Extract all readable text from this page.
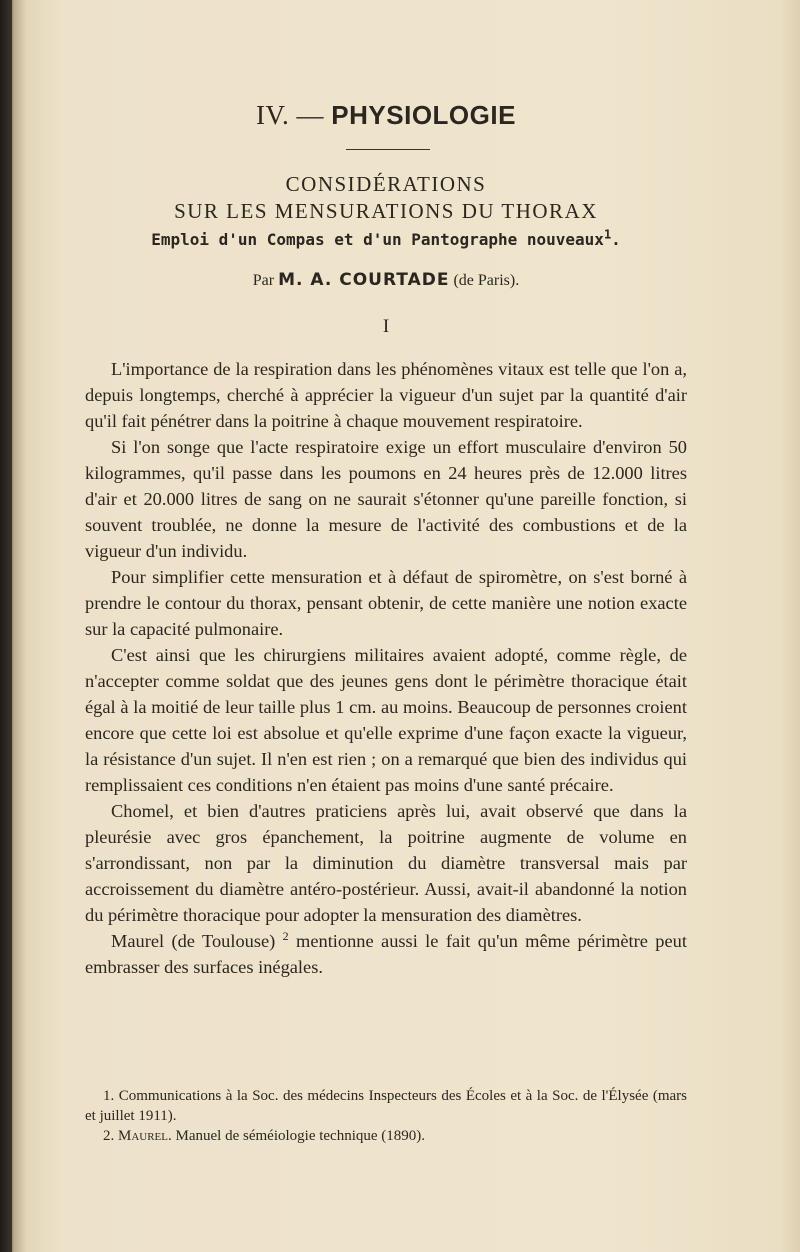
IV. — PHYSIOLOGIE
CONSIDÉRATIONS
SUR LES MENSURATIONS DU THORAX
Emploi d'un Compas et d'un Pantographe nouveaux$^1$.
Par M. A. COURTADE (de Paris).
I

L'importance de la respiration dans les phénomènes vitaux est telle que l'on a, depuis longtemps, cherché à apprécier la vigueur d'un sujet par la quantité d'air qu'il fait pénétrer dans la poitrine à chaque mouvement respiratoire.

Si l'on songe que l'acte respiratoire exige un effort musculaire d'environ 50 kilogrammes, qu'il passe dans les poumons en 24 heures près de 12.000 litres d'air et 20.000 litres de sang on ne saurait s'étonner qu'une pareille fonction, si souvent troublée, ne donne la mesure de l'activité des combustions et de la vigueur d'un individu.

Pour simplifier cette mensuration et à défaut de spiromètre, on s'est borné à prendre le contour du thorax, pensant obtenir, de cette manière une notion exacte sur la capacité pulmonaire.

C'est ainsi que les chirurgiens militaires avaient adopté, comme règle, de n'accepter comme soldat que des jeunes gens dont le périmètre thoracique était égal à la moitié de leur taille plus 1 cm. au moins. Beaucoup de personnes croient encore que cette loi est absolue et qu'elle exprime d'une façon exacte la vigueur, la résistance d'un sujet. Il n'en est rien ; on a remarqué que bien des individus qui remplissaient ces conditions n'en étaient pas moins d'une santé précaire.

Chomel, et bien d'autres praticiens après lui, avait observé que dans la pleurésie avec gros épanchement, la poitrine augmente de volume en s'arrondissant, non par la diminution du diamètre transversal mais par accroissement du diamètre antéro-postérieur. Aussi, avait-il abandonné la notion du périmètre thoracique pour adopter la mensuration des diamètres.

Maurel (de Toulouse) $^2$ mentionne aussi le fait qu'un même périmètre peut embrasser des surfaces inégales.

1. Communications à la Soc. des médecins Inspecteurs des Écoles et à la Soc. de l'Élysée (mars et juillet 1911).

2. Maurel. Manuel de séméiologie technique (1890).
